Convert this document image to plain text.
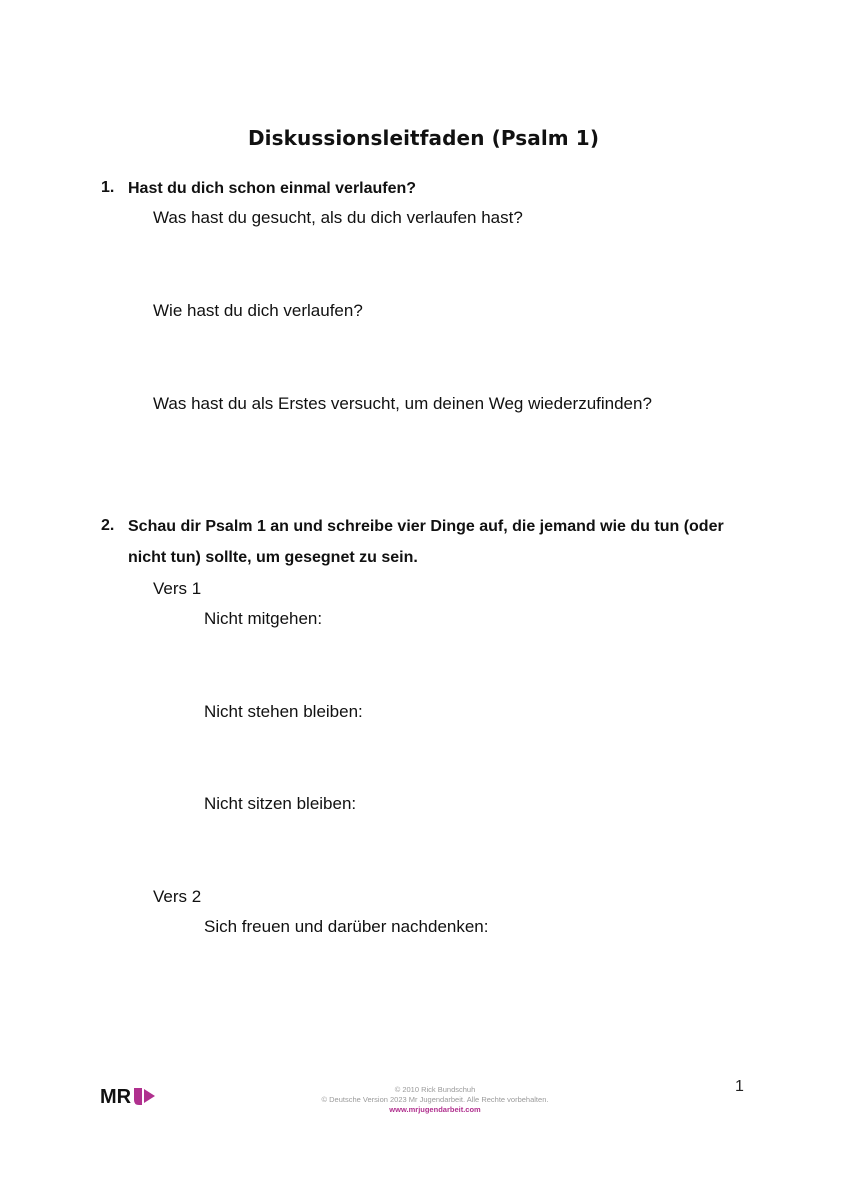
Diskussionsleitfaden (Psalm 1)
1. Hast du dich schon einmal verlaufen?
Was hast du gesucht, als du dich verlaufen hast?
Wie hast du dich verlaufen?
Was hast du als Erstes versucht, um deinen Weg wiederzufinden?
2. Schau dir Psalm 1 an und schreibe vier Dinge auf, die jemand wie du tun (oder
nicht tun) sollte, um gesegnet zu sein.
Vers 1
Nicht mitgehen:
Nicht stehen bleiben:
Nicht sitzen bleiben:
Vers 2
Sich freuen und darüber nachdenken:
MR	© 2010 Rick Bundschuh
© Deutsche Version 2023 Mr Jugendarbeit. Alle Rechte vorbehalten.
www.mrjugendarbeit.com
1
